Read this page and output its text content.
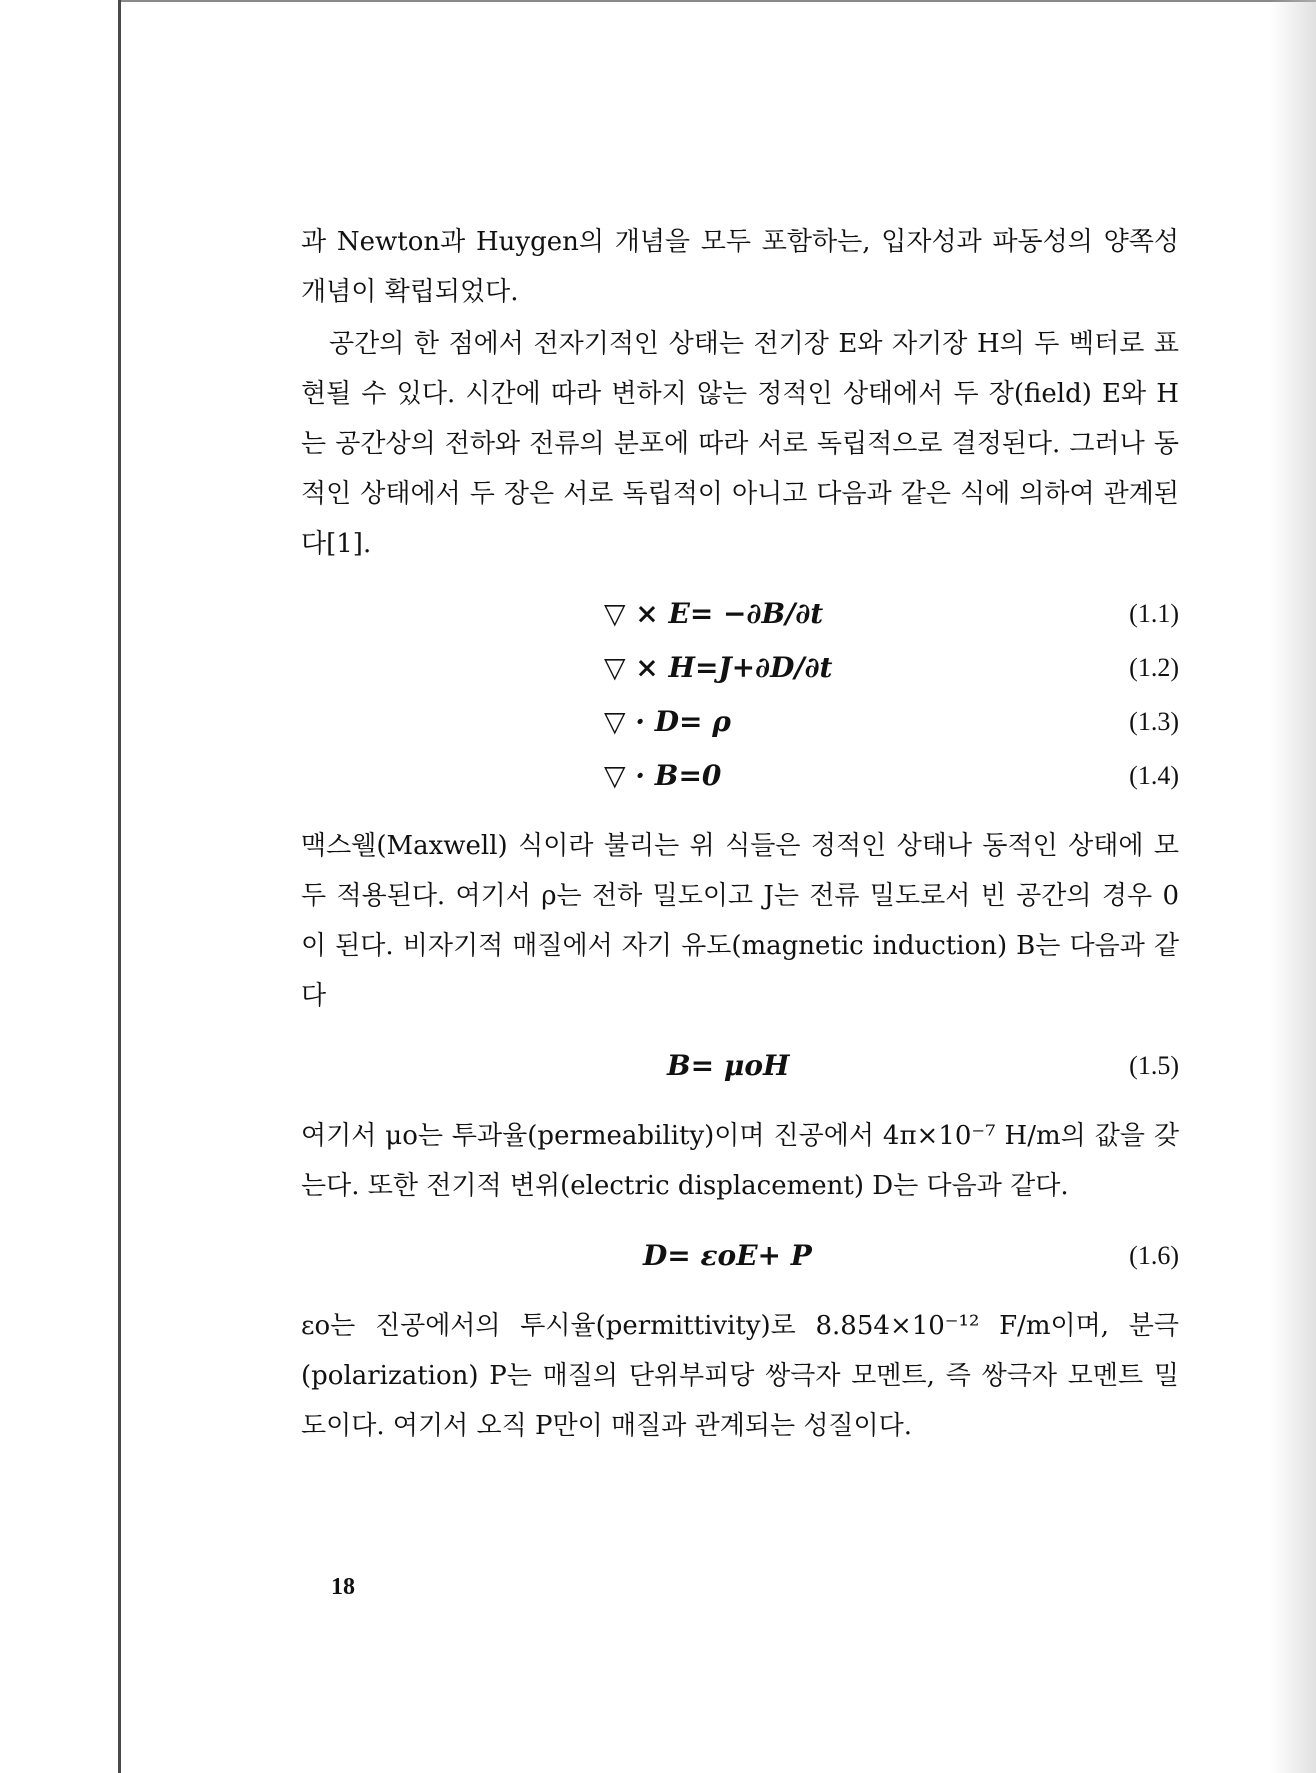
과 Newton과 Huygen의 개념을 모두 포함하는, 입자성과 파동성의 양쪽성 개념이 확립되었다.

공간의 한 점에서 전자기적인 상태는 전기장 E와 자기장 H의 두 벡터로 표현될 수 있다. 시간에 따라 변하지 않는 정적인 상태에서 두 장(field) E와 H는 공간상의 전하와 전류의 분포에 따라 서로 독립적으로 결정된다. 그러나 동적인 상태에서 두 장은 서로 독립적이 아니고 다음과 같은 식에 의하여 관계된다[1].

▽ × E= −∂B/∂t	(1.1)
▽ × H=J+∂D/∂t	(1.2)
▽ · D= ρ	(1.3)
▽ · B=0	(1.4)

맥스웰(Maxwell) 식이라 불리는 위 식들은 정적인 상태나 동적인 상태에 모두 적용된다. 여기서 ρ는 전하 밀도이고 J는 전류 밀도로서 빈 공간의 경우 0이 된다. 비자기적 매질에서 자기 유도(magnetic induction) B는 다음과 같다

B= μoH	(1.5)

여기서 μo는 투과율(permeability)이며 진공에서 4π×10⁻⁷ H/m의 값을 갖는다. 또한 전기적 변위(electric displacement) D는 다음과 같다.

D= εoE+ P	(1.6)

εo는 진공에서의 투시율(permittivity)로 8.854×10⁻¹² F/m이며, 분극(polarization) P는 매질의 단위부피당 쌍극자 모멘트, 즉 쌍극자 모멘트 밀도이다. 여기서 오직 P만이 매질과 관계되는 성질이다.

18
